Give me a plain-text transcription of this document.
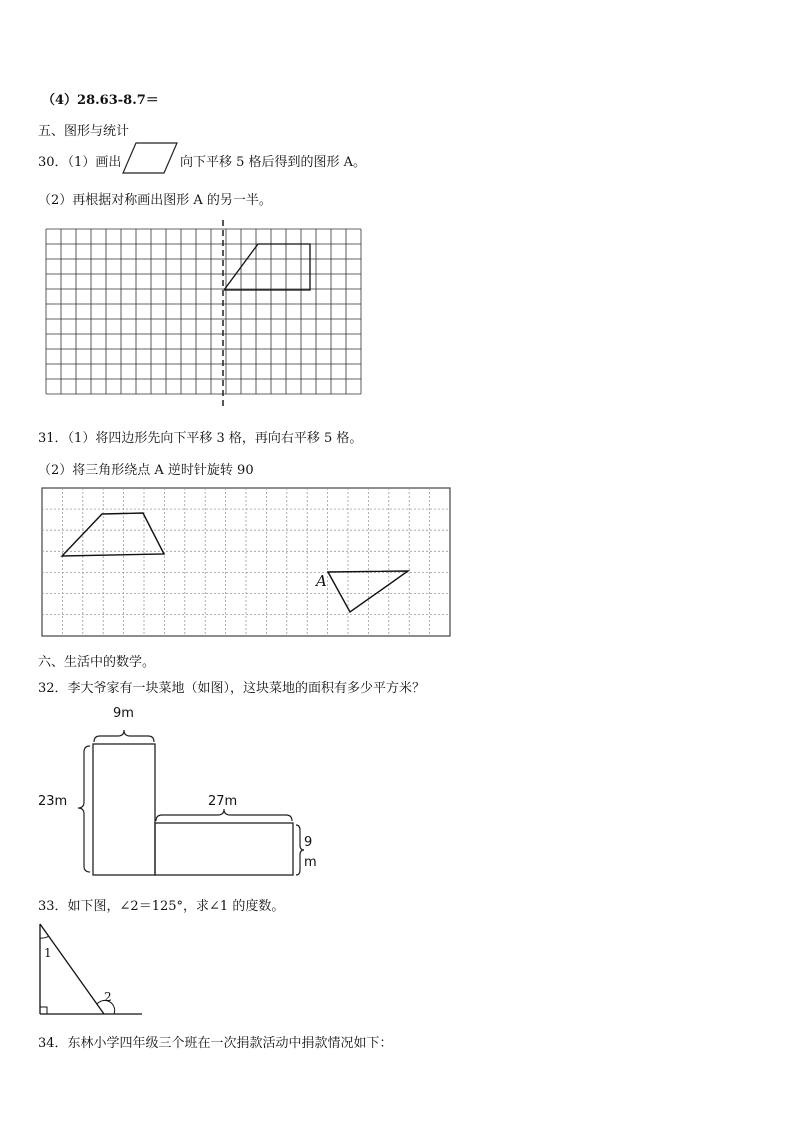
（4）28.63-8.7＝
五、图形与统计
30．（1）画出	向下平移 5 格后得到的图形 A。
（2）再根据对称画出图形 A 的另一半。
31．（1）将四边形先向下平移 3 格，再向右平移 5 格。
（2）将三角形绕点 A 逆时针旋转 90
A
六、生活中的数学。
32．李大爷家有一块菜地（如图），这块菜地的面积有多少平方米？
9m
23m	27m
9
m
33．如下图，∠2＝125°，求∠1 的度数。
1
2
34．东林小学四年级三个班在一次捐款活动中捐款情况如下：
